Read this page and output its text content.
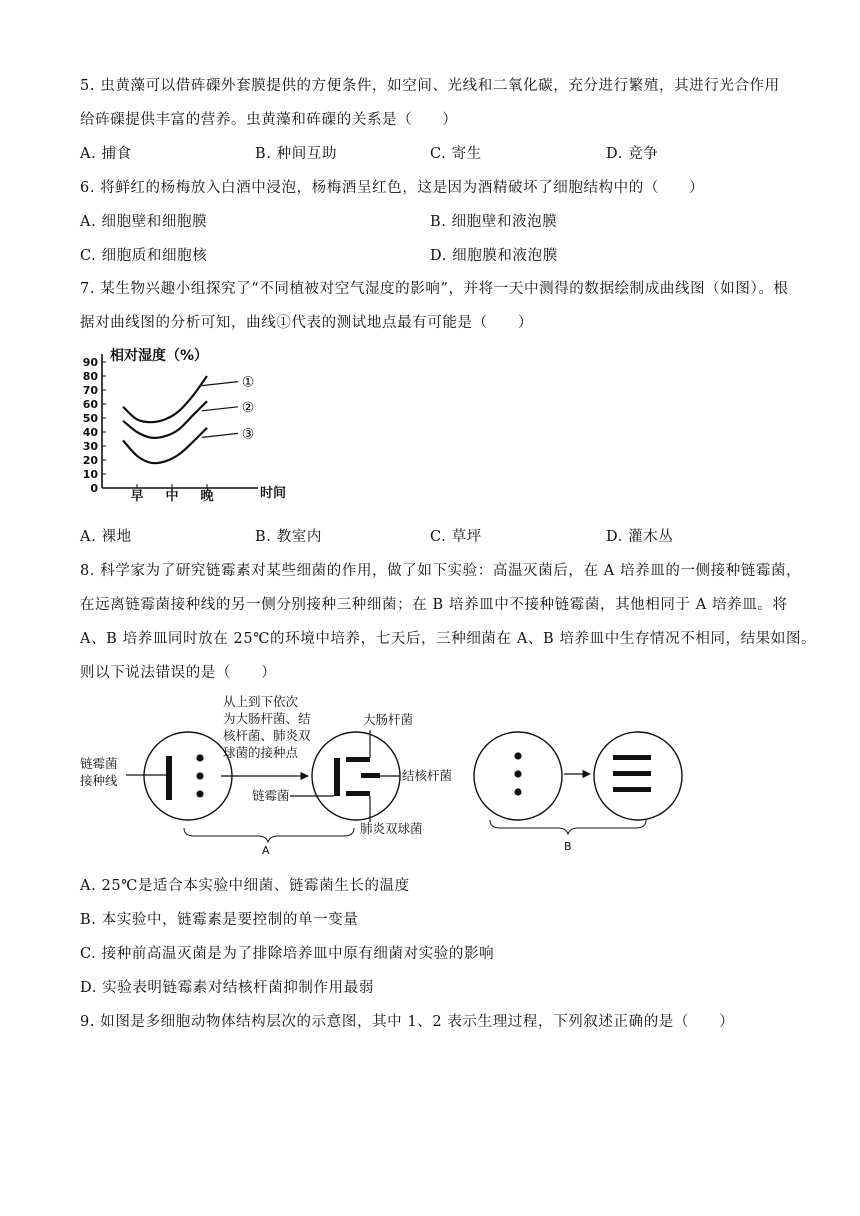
5. 虫黄藻可以借砗磲外套膜提供的方便条件，如空间、光线和二氧化碳，充分进行繁殖，其进行光合作用
给砗磲提供丰富的营养。虫黄藻和砗磲的关系是（　　）
A. 捕食	B. 种间互助	C. 寄生	D. 竞争
6. 将鲜红的杨梅放入白酒中浸泡，杨梅酒呈红色，这是因为酒精破坏了细胞结构中的（　　）
A. 细胞壁和细胞膜	B. 细胞壁和液泡膜
C. 细胞质和细胞核	D. 细胞膜和液泡膜
7. 某生物兴趣小组探究了“不同植被对空气湿度的影响”，并将一天中测得的数据绘制成曲线图（如图）。根
据对曲线图的分析可知，曲线①代表的测试地点最有可能是（　　）
相对湿度（%）
0
10
20
30
40
50
60
70
80
90
早 中 晚	时间
①
②
③
A. 裸地	B. 教室内	C. 草坪	D. 灌木丛
8. 科学家为了研究链霉素对某些细菌的作用，做了如下实验：高温灭菌后，在 A 培养皿的一侧接种链霉菌，
在远离链霉菌接种线的另一侧分别接种三种细菌；在 B 培养皿中不接种链霉菌，其他相同于 A 培养皿。将
A、B 培养皿同时放在 25℃的环境中培养，七天后，三种细菌在 A、B 培养皿中生存情况不相同，结果如图。
则以下说法错误的是（　　）
从上到下依次
为大肠杆菌、结
核杆菌、肺炎双
球菌的接种点
链霉菌
接种线
大肠杆菌
结核杆菌
肺炎双球菌
链霉菌
A	B
A. 25℃是适合本实验中细菌、链霉菌生长的温度
B. 本实验中，链霉素是要控制的单一变量
C. 接种前高温灭菌是为了排除培养皿中原有细菌对实验的影响
D. 实验表明链霉素对结核杆菌抑制作用最弱
9. 如图是多细胞动物体结构层次的示意图，其中 1、2 表示生理过程，下列叙述正确的是（　　）
